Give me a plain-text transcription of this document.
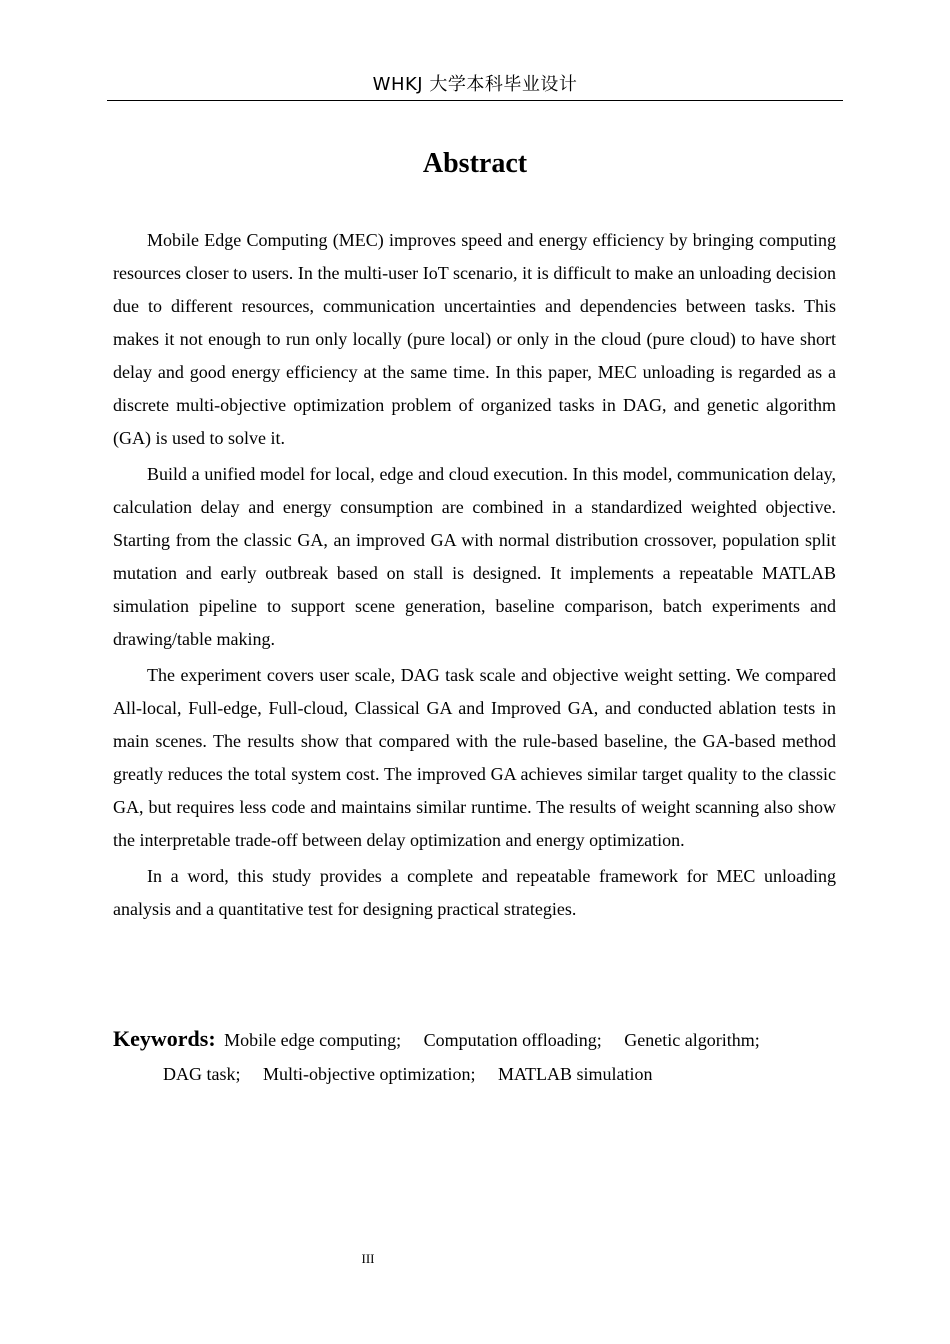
WHKJ 大学本科毕业设计
Abstract

Mobile Edge Computing (MEC) improves speed and energy efficiency by bringing computing resources closer to users. In the multi-user IoT scenario, it is difficult to make an unloading decision due to different resources, communication uncertainties and dependencies between tasks. This makes it not enough to run only locally (pure local) or only in the cloud (pure cloud) to have short delay and good energy efficiency at the same time. In this paper, MEC unloading is regarded as a discrete multi-objective optimization problem of organized tasks in DAG, and genetic algorithm (GA) is used to solve it.

Build a unified model for local, edge and cloud execution. In this model, communication delay, calculation delay and energy consumption are combined in a standardized weighted objective. Starting from the classic GA, an improved GA with normal distribution crossover, population split mutation and early outbreak based on stall is designed. It implements a repeatable MATLAB simulation pipeline to support scene generation, baseline comparison, batch experiments and drawing/table making.

The experiment covers user scale, DAG task scale and objective weight setting. We compared All-local, Full-edge, Full-cloud, Classical GA and Improved GA, and conducted ablation tests in main scenes. The results show that compared with the rule-based baseline, the GA-based method greatly reduces the total system cost. The improved GA achieves similar target quality to the classic GA, but requires less code and maintains similar runtime. The results of weight scanning also show the interpretable trade-off between delay optimization and energy optimization.

In a word, this study provides a complete and repeatable framework for MEC unloading analysis and a quantitative test for designing practical strategies.

Keywords: Mobile edge computing; Computation offloading; Genetic algorithm;
DAG task; Multi-objective optimization; MATLAB simulation
III
